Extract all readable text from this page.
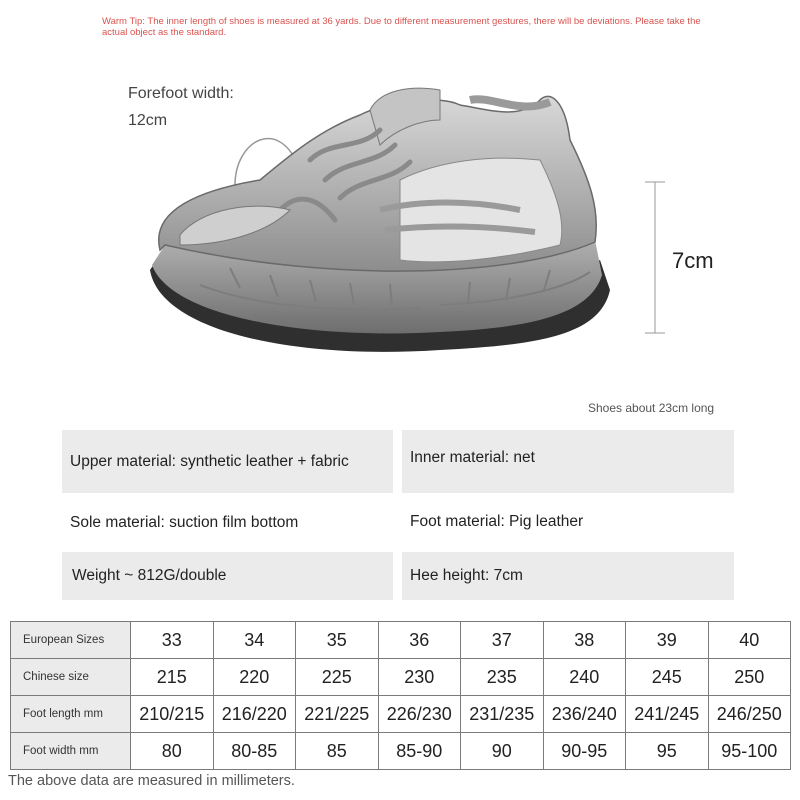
Warm Tip: The inner length of shoes is measured at 36 yards. Due to different measurement gestures, there will be deviations. Please take the actual object as the standard.
Forefoot width:
12cm
7cm
Shoes about 23cm long
Upper material: synthetic leather + fabric	Inner material: net
Sole material: suction film bottom	Foot material: Pig leather
Weight ~ 812G/double	Hee height: 7cm
European Sizes	33	34	35	36	37	38	39	40
Chinese size	215	220	225	230	235	240	245	250
Foot length mm	210/215	216/220	221/225	226/230	231/235	236/240	241/245	246/250
Foot width mm	80	80-85	85	85-90	90	90-95	95	95-100
The above data are measured in millimeters.
